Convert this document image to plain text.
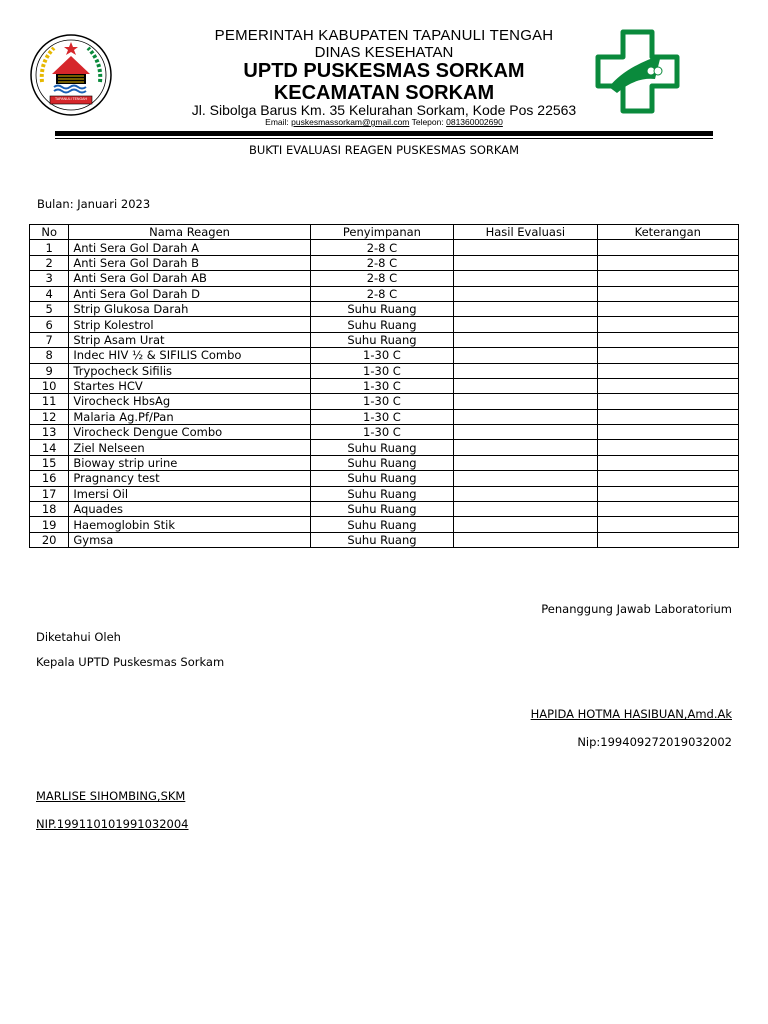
TAPANULI TENGAH
PEMERINTAH KABUPATEN TAPANULI TENGAH
DINAS KESEHATAN
UPTD PUSKESMAS SORKAM
KECAMATAN SORKAM
Jl. Sibolga Barus Km. 35 Kelurahan Sorkam, Kode Pos 22563
Email: puskesmassorkam@gmail.com Telepon: 081360002690
BUKTI EVALUASI REAGEN PUSKESMAS SORKAM
Bulan: Januari 2023
No	Nama Reagen	Penyimpanan	Hasil Evaluasi	Keterangan
1	Anti Sera Gol Darah A	2-8 C		
2	Anti Sera Gol Darah B	2-8 C		
3	Anti Sera Gol Darah AB	2-8 C		
4	Anti Sera Gol Darah D	2-8 C		
5	Strip Glukosa Darah	Suhu Ruang		
6	Strip Kolestrol	Suhu Ruang		
7	Strip Asam Urat	Suhu Ruang		
8	Indec HIV ½ & SIFILIS Combo	1-30 C		
9	Trypocheck Sifilis	1-30 C		
10	Startes HCV	1-30 C		
11	Virocheck HbsAg	1-30 C		
12	Malaria Ag.Pf/Pan	1-30 C		
13	Virocheck Dengue Combo	1-30 C		
14	Ziel Nelseen	Suhu Ruang		
15	Bioway strip urine	Suhu Ruang		
16	Pragnancy test	Suhu Ruang		
17	Imersi Oil	Suhu Ruang		
18	Aquades	Suhu Ruang		
19	Haemoglobin Stik	Suhu Ruang		
20	Gymsa	Suhu Ruang		
Penanggung Jawab Laboratorium
Diketahui Oleh
Kepala UPTD Puskesmas Sorkam
HAPIDA HOTMA HASIBUAN,Amd.Ak
Nip:199409272019032002
MARLISE SIHOMBING,SKM
NIP.199110101991032004
